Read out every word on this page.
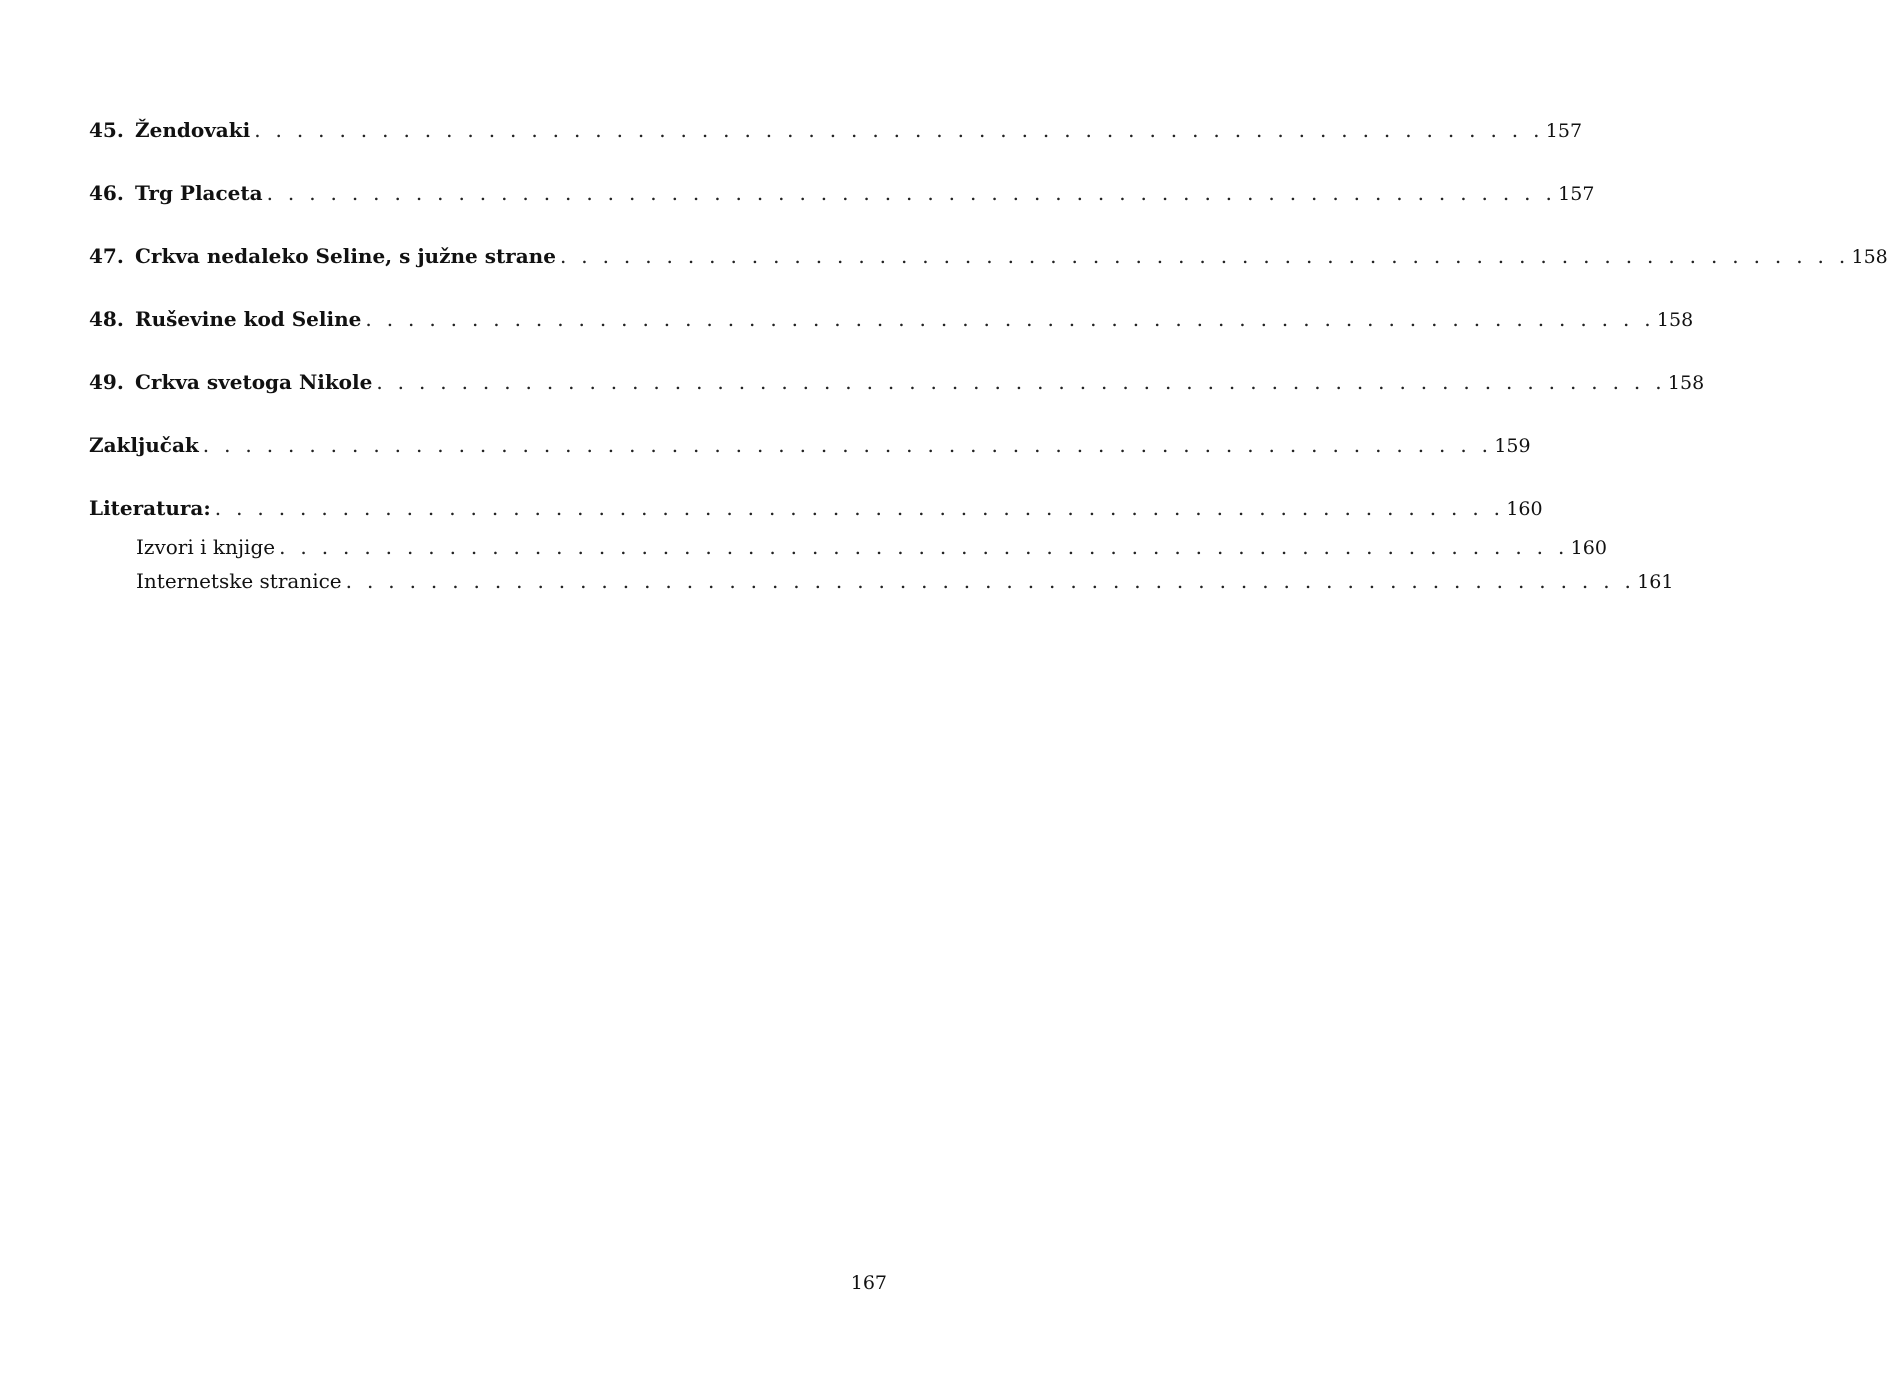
45. Žendovaki . . . . . . . . . . . . . . . . . . . . . . . . . . . . . . . . . . . . . . . . . . . . . . . . . . . . . . . . . . . . . 157
46. Trg Placeta . . . . . . . . . . . . . . . . . . . . . . . . . . . . . . . . . . . . . . . . . . . . . . . . . . . . . . . . . . . . . 157
47. Crkva nedaleko Seline, s južne strane . . . . . . . . . . . . . . . . . . . . . . . . . . . . . . . . . . . . . . . . . . . . . . . . . . . . . . . . . . . . . 158
48. Ruševine kod Seline . . . . . . . . . . . . . . . . . . . . . . . . . . . . . . . . . . . . . . . . . . . . . . . . . . . . . . . . . . . . . 158
49. Crkva svetoga Nikole . . . . . . . . . . . . . . . . . . . . . . . . . . . . . . . . . . . . . . . . . . . . . . . . . . . . . . . . . . . . . 158
Zaključak . . . . . . . . . . . . . . . . . . . . . . . . . . . . . . . . . . . . . . . . . . . . . . . . . . . . . . . . . . . . . 159
Literatura: . . . . . . . . . . . . . . . . . . . . . . . . . . . . . . . . . . . . . . . . . . . . . . . . . . . . . . . . . . . . . 160
Izvori i knjige . . . . . . . . . . . . . . . . . . . . . . . . . . . . . . . . . . . . . . . . . . . . . . . . . . . . . . . . . . . . . 160
Internetske stranice . . . . . . . . . . . . . . . . . . . . . . . . . . . . . . . . . . . . . . . . . . . . . . . . . . . . . . . . . . . . . 161
167
